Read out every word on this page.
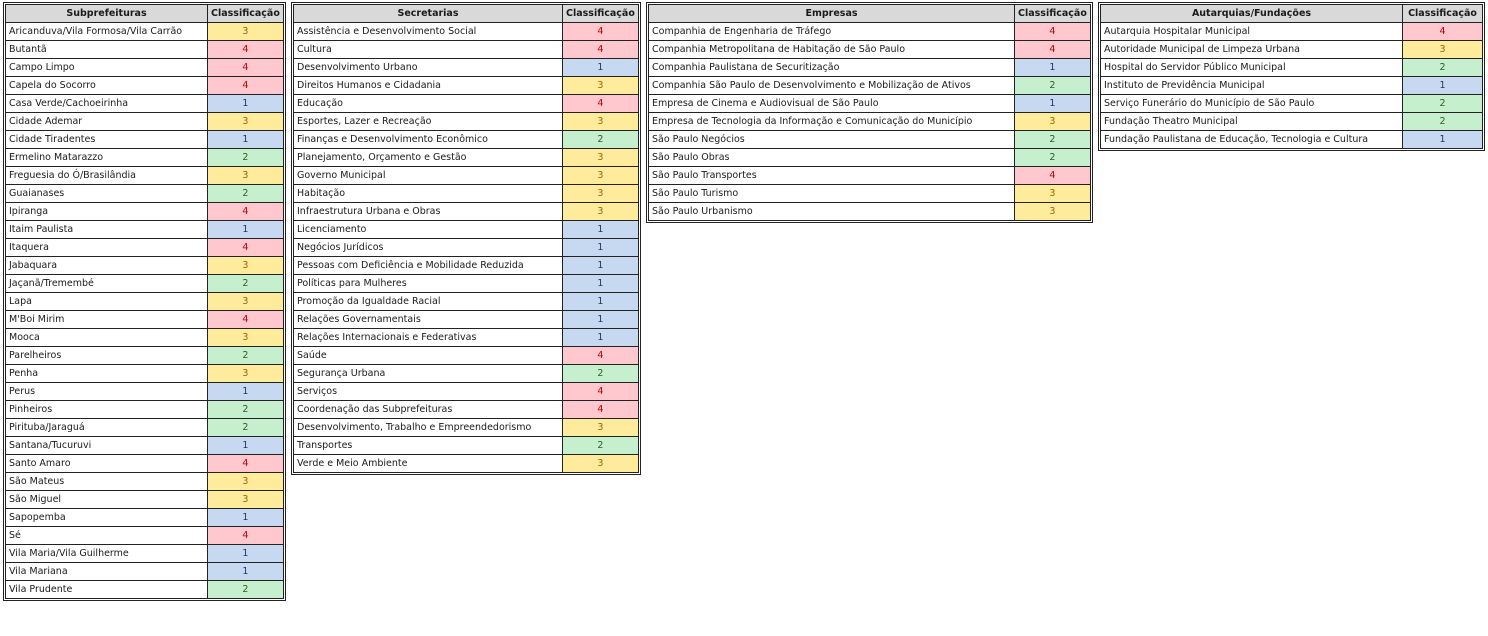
Subprefeituras	Classificação
Aricanduva/Vila Formosa/Vila Carrão	3
Butantã	4
Campo Limpo	4
Capela do Socorro	4
Casa Verde/Cachoeirinha	1
Cidade Ademar	3
Cidade Tiradentes	1
Ermelino Matarazzo	2
Freguesia do Ó/Brasilândia	3
Guaianases	2
Ipiranga	4
Itaim Paulista	1
Itaquera	4
Jabaquara	3
Jaçanã/Tremembé	2
Lapa	3
M'Boi Mirim	4
Mooca	3
Parelheiros	2
Penha	3
Perus	1
Pinheiros	2
Pirituba/Jaraguá	2
Santana/Tucuruvi	1
Santo Amaro	4
São Mateus	3
São Miguel	3
Sapopemba	1
Sé	4
Vila Maria/Vila Guilherme	1
Vila Mariana	1
Vila Prudente	2
Secretarias	Classificação
Assistência e Desenvolvimento Social	4
Cultura	4
Desenvolvimento Urbano	1
Direitos Humanos e Cidadania	3
Educação	4
Esportes, Lazer e Recreação	3
Finanças e Desenvolvimento Econômico	2
Planejamento, Orçamento e Gestão	3
Governo Municipal	3
Habitação	3
Infraestrutura Urbana e Obras	3
Licenciamento	1
Negócios Jurídicos	1
Pessoas com Deficiência e Mobilidade Reduzida	1
Políticas para Mulheres	1
Promoção da Igualdade Racial	1
Relações Governamentais	1
Relações Internacionais e Federativas	1
Saúde	4
Segurança Urbana	2
Serviços	4
Coordenação das Subprefeituras	4
Desenvolvimento, Trabalho e Empreendedorismo	3
Transportes	2
Verde e Meio Ambiente	3
Empresas	Classificação
Companhia de Engenharia de Tráfego	4
Companhia Metropolitana de Habitação de São Paulo	4
Companhia Paulistana de Securitização	1
Companhia São Paulo de Desenvolvimento e Mobilização de Ativos	2
Empresa de Cinema e Audiovisual de São Paulo	1
Empresa de Tecnologia da Informação e Comunicação do Município	3
São Paulo Negócios	2
São Paulo Obras	2
São Paulo Transportes	4
São Paulo Turismo	3
São Paulo Urbanismo	3
Autarquias/Fundações	Classificação
Autarquia Hospitalar Municipal	4
Autoridade Municipal de Limpeza Urbana	3
Hospital do Servidor Público Municipal	2
Instituto de Previdência Municipal	1
Serviço Funerário do Município de São Paulo	2
Fundação Theatro Municipal	2
Fundação Paulistana de Educação, Tecnologia e Cultura	1
